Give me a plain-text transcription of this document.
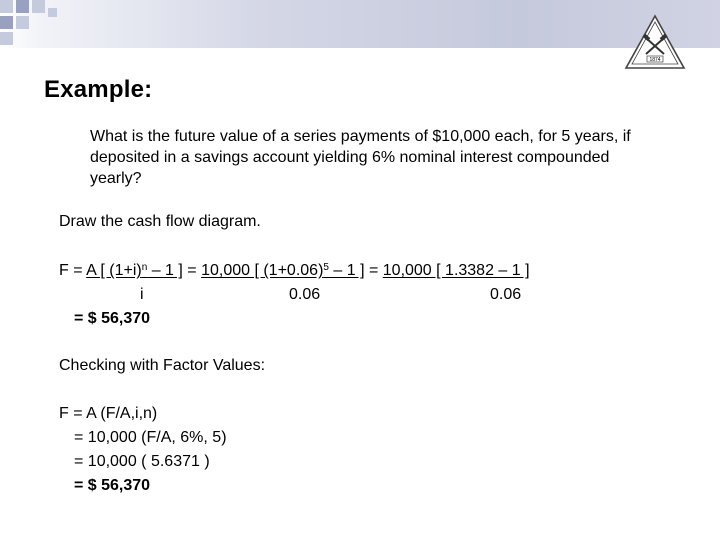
1874
Example:
What is the future value of a series payments of $10,000 each, for 5 years, if deposited in a savings account yielding 6% nominal interest compounded yearly?
Draw the cash flow diagram.
F = A [ $(1+i)^n - 1$ ] = 10,000 [ $(1+0.06)^5 - 1$ ] = 10,000 [ 1.3382 – 1 ]
i	0.06	0.06
= $ 56,370
Checking with Factor Values:
F = A (F/A,i,n)
= 10,000 (F/A, 6%, 5)
= 10,000 ( 5.6371 )
= $ 56,370
